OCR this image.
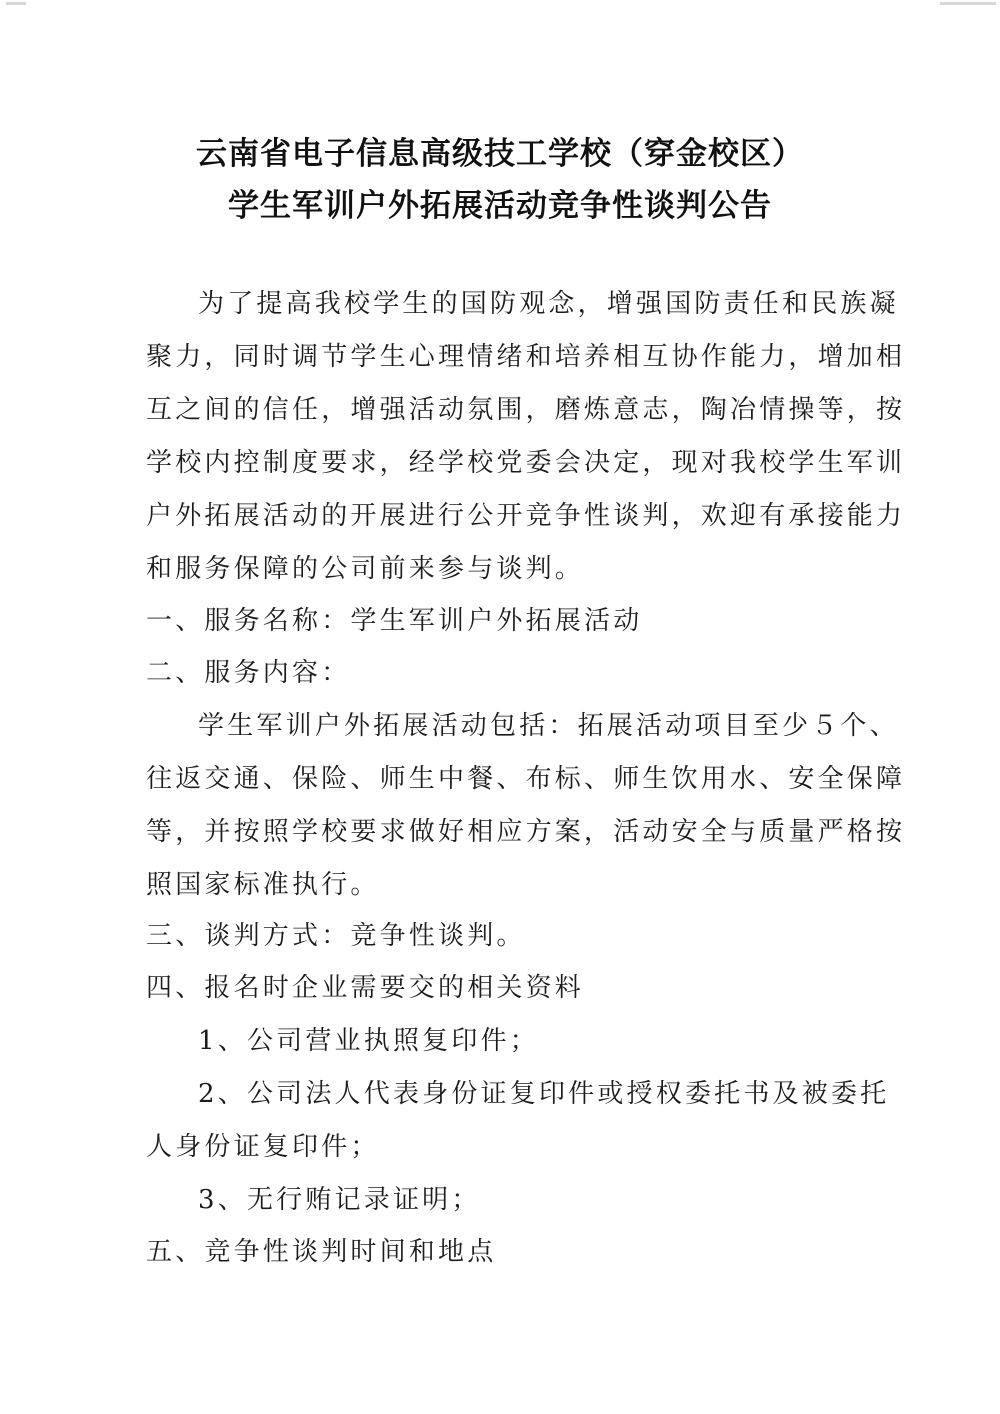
云南省电子信息高级技工学校（穿金校区）
学生军训户外拓展活动竞争性谈判公告
为了提高我校学生的国防观念，增强国防责任和民族凝
聚力，同时调节学生心理情绪和培养相互协作能力，增加相
互之间的信任，增强活动氛围，磨炼意志，陶冶情操等，按
学校内控制度要求，经学校党委会决定，现对我校学生军训
户外拓展活动的开展进行公开竞争性谈判，欢迎有承接能力
和服务保障的公司前来参与谈判。
一、服务名称：学生军训户外拓展活动
二、服务内容：
学生军训户外拓展活动包括：拓展活动项目至少５个、
往返交通、保险、师生中餐、布标、师生饮用水、安全保障
等，并按照学校要求做好相应方案，活动安全与质量严格按
照国家标准执行。
三、谈判方式：竞争性谈判。
四、报名时企业需要交的相关资料
1、公司营业执照复印件；
2、公司法人代表身份证复印件或授权委托书及被委托
人身份证复印件；
3、无行贿记录证明；
五、竞争性谈判时间和地点
